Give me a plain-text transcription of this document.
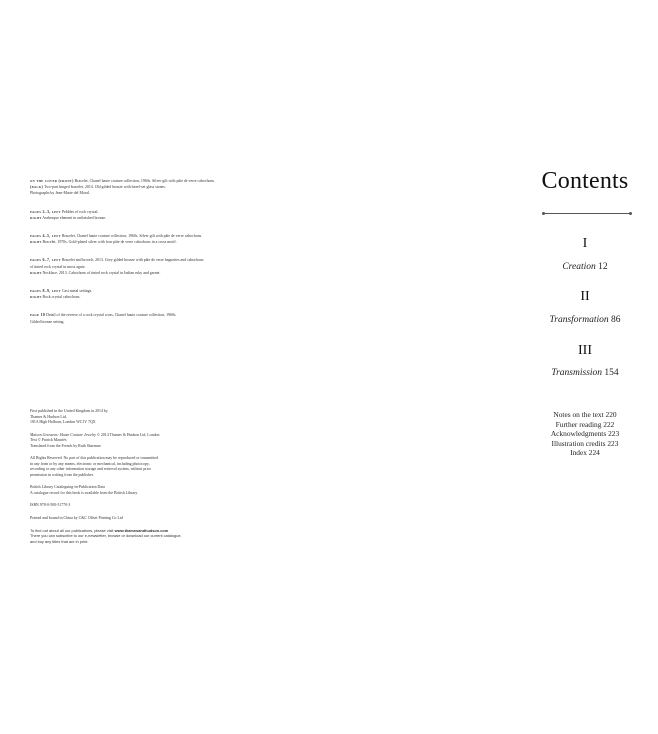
on the cover (front) Bracelet, Chanel haute couture collection, 1960s. Silver gilt with pâte de verre cabochons.

(back) Two-part hinged bracelet, 2014. Old gilded bronze with bezel-set glass stones.

Photographs by Jean-Marie del Moral.

pages 2–3, left Pebbles of rock crystal.

right Arabesque element in unfinished bronze.

pages 4–5, left Bracelet, Chanel haute couture collection, 1960s. Silver gilt with pâte de verre cabochons.

right Bracelet, 1970s. Gold-plated silver with four pâte de verre cabochons in a cross motif.

pages 6–7, left Bracelet and brooch, 2013. Grey gilded bronze with pâte de verre baguettes and cabochons

of tinted rock crystal in moss agate.

right Necklace, 2013. Cabochons of tinted rock crystal in Indian ruby and garnet.

pages 8–9, left Cast metal settings.

right Rock crystal cabochons.

page 10 Detail of the reverse of a rock crystal cross, Chanel haute couture collection, 1960s.

Gilded bronze setting.

First published in the United Kingdom in 2014 by

Thames & Hudson Ltd,

181A High Holborn, London WC1V 7QX

Maison Goossens: Haute Couture Jewelry © 2014 Thames & Hudson Ltd, London

Text © Patrick Mauriès

Translated from the French by Ruth Sharman

All Rights Reserved. No part of this publication may be reproduced or transmitted

in any form or by any means, electronic or mechanical, including photocopy,

recording or any other information storage and retrieval system, without prior

permission in writing from the publisher.

British Library Cataloguing-in-Publication Data

A catalogue record for this book is available from the British Library

ISBN 978-0-500-51770-3

Printed and bound in China by C&C Offset Printing Co Ltd

To find out about all our publications, please visit www.thamesandhudson.com

There you can subscribe to our e-newsletter, browse or download our current catalogue,

and buy any titles that are in print.

Contents
I
Creation 12
II
Transformation 86
III
Transmission 154

Notes on the text 220

Further reading 222

Acknowledgments 223

Illustration credits 223

Index 224
